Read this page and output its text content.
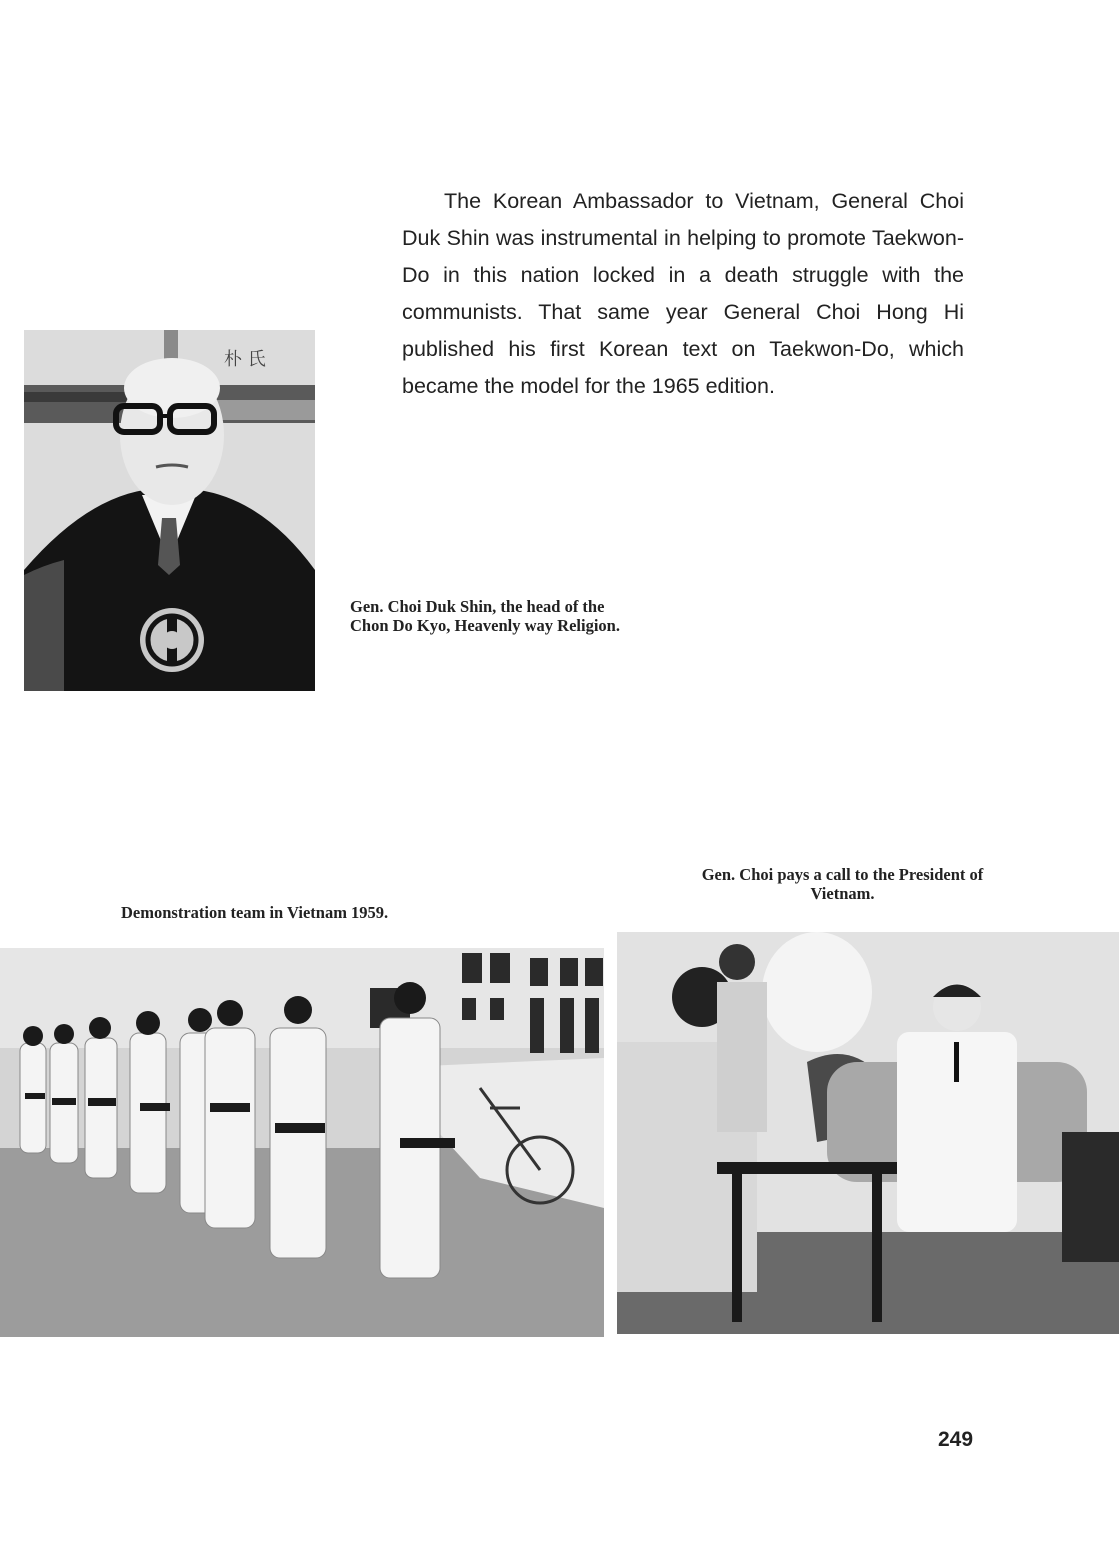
The Korean Ambassador to Vietnam, General Choi Duk Shin was instrumental in helping to promote Taekwon-Do in this nation locked in a death struggle with the communists. That same year General Choi Hong Hi published his first Korean text on Taekwon-Do, which became the model for the 1965 edition.
朴 氏
Gen. Choi Duk Shin, the head of the Chon Do Kyo, Heavenly way Religion.
Demonstration team in Vietnam 1959.
Gen. Choi pays a call to the President of Vietnam.
249
